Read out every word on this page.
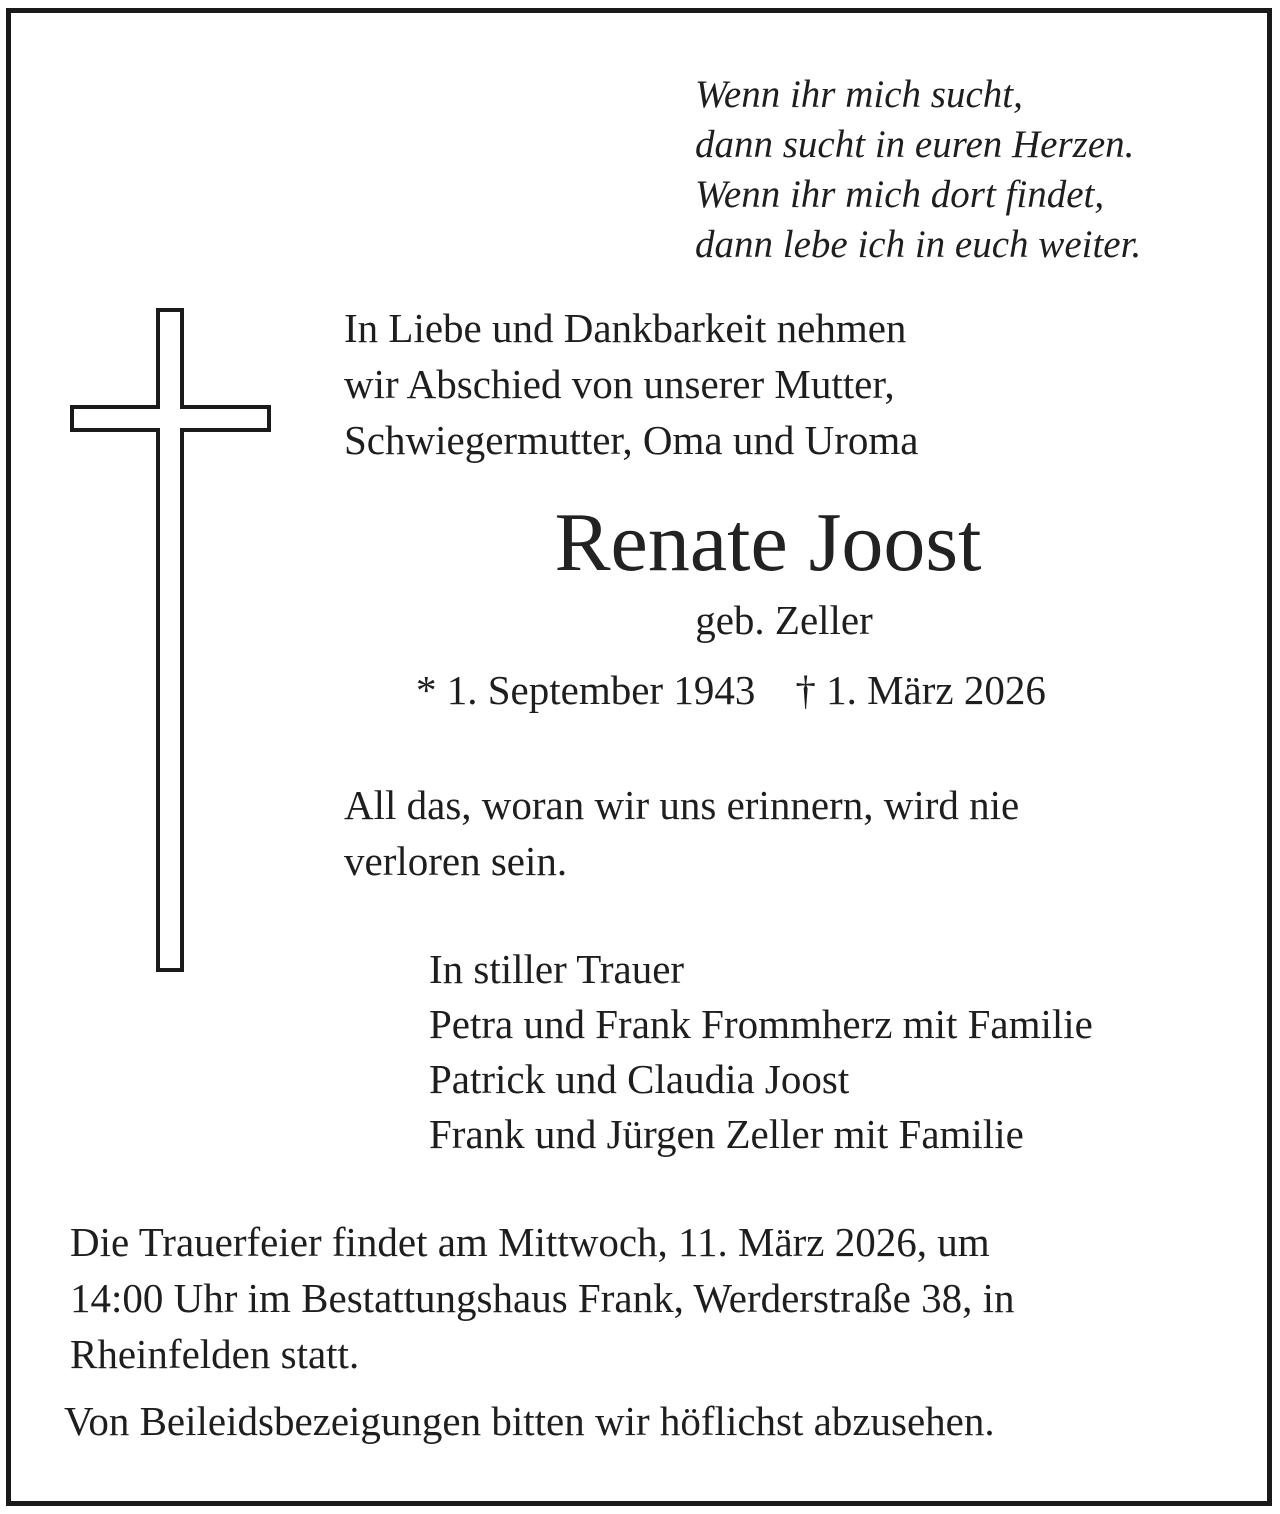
Wenn ihr mich sucht,
dann sucht in euren Herzen.
Wenn ihr mich dort findet,
dann lebe ich in euch weiter.
In Liebe und Dankbarkeit nehmen
wir Abschied von unserer Mutter,
Schwiegermutter, Oma und Uroma
Renate Joost
geb. Zeller
* 1. September 1943 † 1. März 2026
All das, woran wir uns erinnern, wird nie
verloren sein.
In stiller Trauer
Petra und Frank Frommherz mit Familie
Patrick und Claudia Joost
Frank und Jürgen Zeller mit Familie
Die Trauerfeier findet am Mittwoch, 11. März 2026, um
14:00 Uhr im Bestattungshaus Frank, Werderstraße 38, in
Rheinfelden statt.
Von Beileidsbezeigungen bitten wir höflichst abzusehen.
